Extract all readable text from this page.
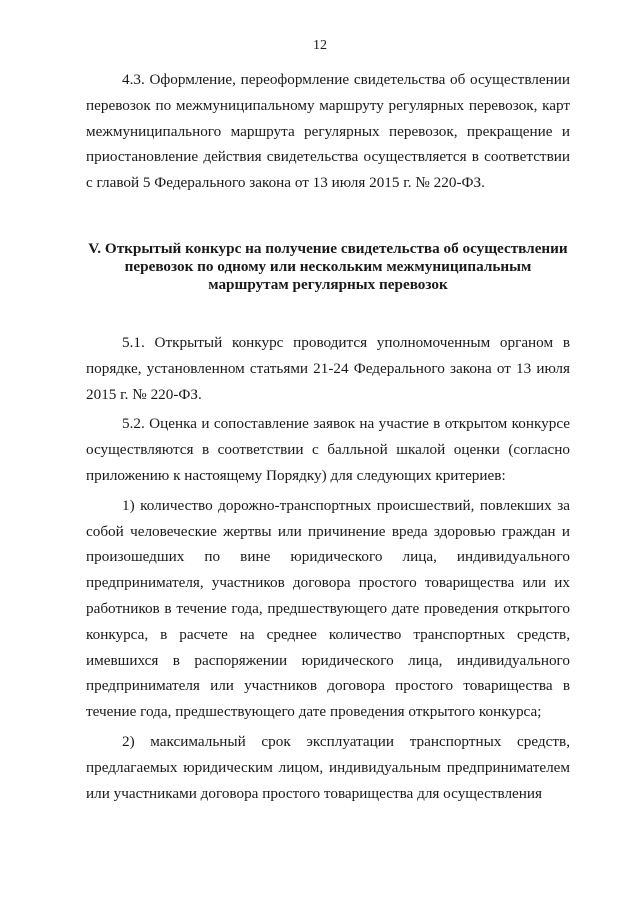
12

4.3. Оформление, переоформление свидетельства об осуществлении перевозок по межмуниципальному маршруту регулярных перевозок, карт межмуниципального маршрута регулярных перевозок, прекращение и приостановление действия свидетельства осуществляется в соответствии с главой 5 Федерального закона от 13 июля 2015 г. № 220-ФЗ.

V. Открытый конкурс на получение свидетельства об осуществлении перевозок по одному или нескольким межмуниципальным маршрутам регулярных перевозок

5.1. Открытый конкурс проводится уполномоченным органом в порядке, установленном статьями 21-24 Федерального закона от 13 июля 2015 г. № 220-ФЗ.

5.2. Оценка и сопоставление заявок на участие в открытом конкурсе осуществляются в соответствии с балльной шкалой оценки (согласно приложению к настоящему Порядку) для следующих критериев:

1) количество дорожно-транспортных происшествий, повлекших за собой человеческие жертвы или причинение вреда здоровью граждан и произошедших по вине юридического лица, индивидуального предпринимателя, участников договора простого товарищества или их работников в течение года, предшествующего дате проведения открытого конкурса, в расчете на среднее количество транспортных средств, имевшихся в распоряжении юридического лица, индивидуального предпринимателя или участников договора простого товарищества в течение года, предшествующего дате проведения открытого конкурса;

2) максимальный срок эксплуатации транспортных средств, предлагаемых юридическим лицом, индивидуальным предпринимателем или участниками договора простого товарищества для осуществления
